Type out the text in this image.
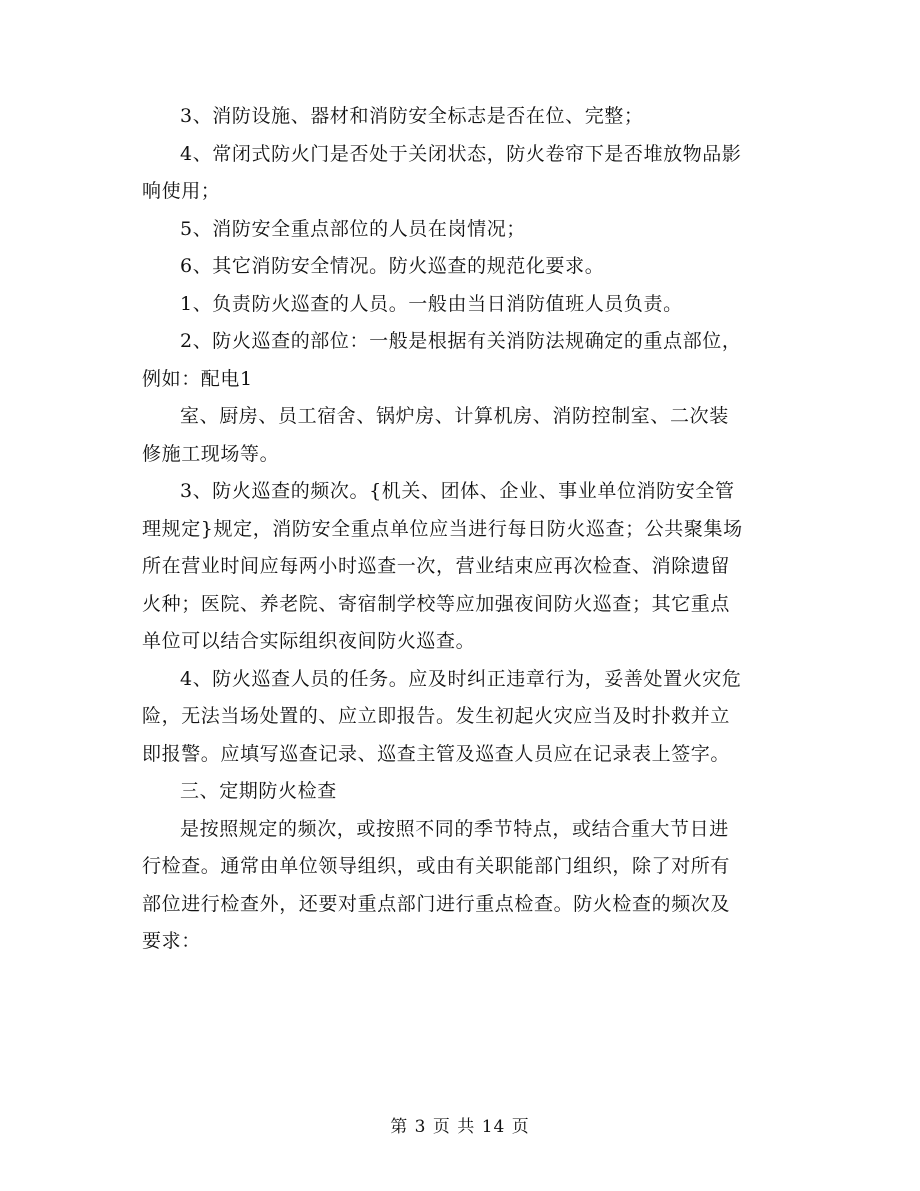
3、消防设施、器材和消防安全标志是否在位、完整；
4、常闭式防火门是否处于关闭状态，防火卷帘下是否堆放物品影
响使用；
5、消防安全重点部位的人员在岗情况；
6、其它消防安全情况。防火巡查的规范化要求。
1、负责防火巡查的人员。一般由当日消防值班人员负责。
2、防火巡查的部位：一般是根据有关消防法规确定的重点部位，
例如：配电1
室、厨房、员工宿舍、锅炉房、计算机房、消防控制室、二次装
修施工现场等。
3、防火巡查的频次。{机关、团体、企业、事业单位消防安全管
理规定}规定，消防安全重点单位应当进行每日防火巡查；公共聚集场
所在营业时间应每两小时巡查一次，营业结束应再次检查、消除遗留
火种；医院、养老院、寄宿制学校等应加强夜间防火巡查；其它重点
单位可以结合实际组织夜间防火巡查。
4、防火巡查人员的任务。应及时纠正违章行为，妥善处置火灾危
险，无法当场处置的、应立即报告。发生初起火灾应当及时扑救并立
即报警。应填写巡查记录、巡查主管及巡查人员应在记录表上签字。
三、定期防火检查
是按照规定的频次，或按照不同的季节特点，或结合重大节日进
行检查。通常由单位领导组织，或由有关职能部门组织，除了对所有
部位进行检查外，还要对重点部门进行重点检查。防火检查的频次及
要求：
第 3 页 共 14 页
